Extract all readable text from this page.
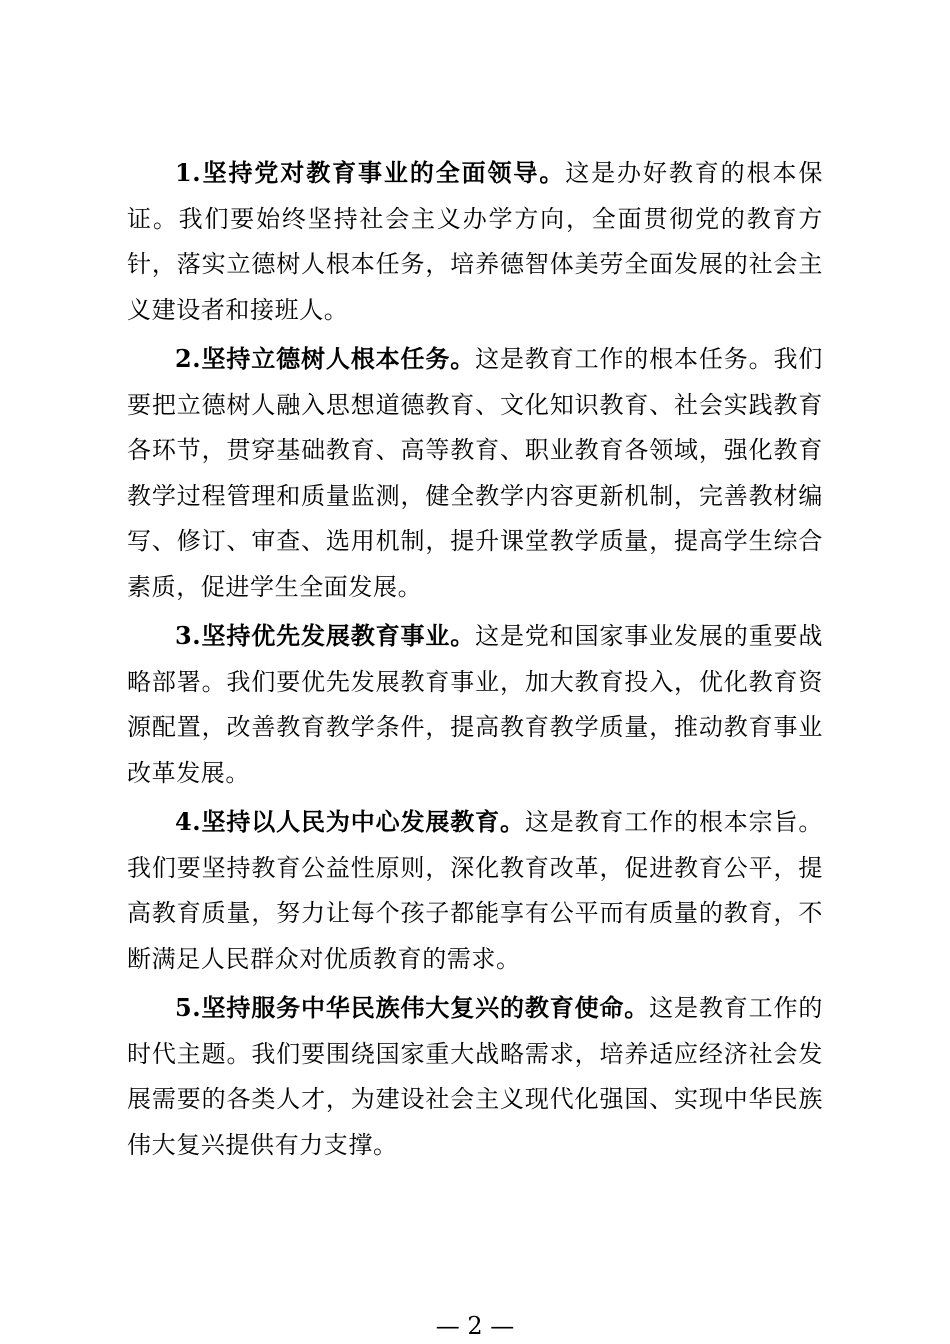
1.坚持党对教育事业的全面领导。这是办好教育的根本保证。我们要始终坚持社会主义办学方向，全面贯彻党的教育方针，落实立德树人根本任务，培养德智体美劳全面发展的社会主义建设者和接班人。

2.坚持立德树人根本任务。这是教育工作的根本任务。我们要把立德树人融入思想道德教育、文化知识教育、社会实践教育各环节，贯穿基础教育、高等教育、职业教育各领域，强化教育教学过程管理和质量监测，健全教学内容更新机制，完善教材编写、修订、审查、选用机制，提升课堂教学质量，提高学生综合素质，促进学生全面发展。

3.坚持优先发展教育事业。这是党和国家事业发展的重要战略部署。我们要优先发展教育事业，加大教育投入，优化教育资源配置，改善教育教学条件，提高教育教学质量，推动教育事业改革发展。

4.坚持以人民为中心发展教育。这是教育工作的根本宗旨。我们要坚持教育公益性原则，深化教育改革，促进教育公平，提高教育质量，努力让每个孩子都能享有公平而有质量的教育，不断满足人民群众对优质教育的需求。

5.坚持服务中华民族伟大复兴的教育使命。这是教育工作的时代主题。我们要围绕国家重大战略需求，培养适应经济社会发展需要的各类人才，为建设社会主义现代化强国、实现中华民族伟大复兴提供有力支撑。

— 2 —
